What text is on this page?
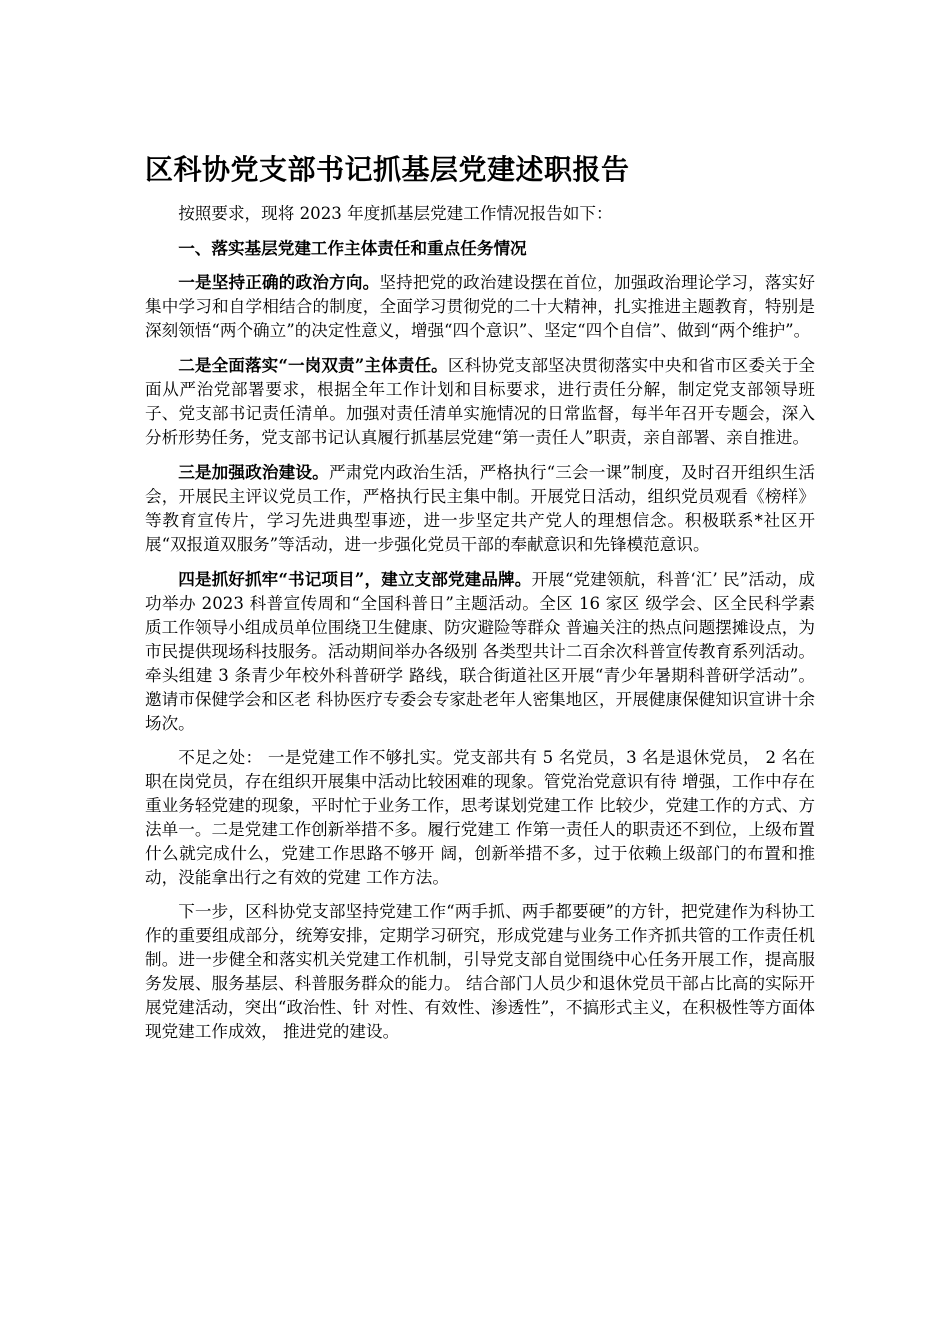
区科协党支部书记抓基层党建述职报告

按照要求，现将 2023 年度抓基层党建工作情况报告如下：

一、落实基层党建工作主体责任和重点任务情况

一是坚持正确的政治方向。坚持把党的政治建设摆在首位，加强政治理论学习，落实好集中学习和自学相结合的制度，全面学习贯彻党的二十大精神，扎实推进主题教育，特别是深刻领悟“两个确立”的决定性意义，增强“四个意识”、坚定“四个自信”、做到“两个维护”。

二是全面落实“一岗双责”主体责任。区科协党支部坚决贯彻落实中央和省市区委关于全面从严治党部署要求，根据全年工作计划和目标要求，进行责任分解，制定党支部领导班子、党支部书记责任清单。加强对责任清单实施情况的日常监督，每半年召开专题会，深入分析形势任务，党支部书记认真履行抓基层党建“第一责任人”职责，亲自部署、亲自推进。

三是加强政治建设。严肃党内政治生活，严格执行“三会一课”制度，及时召开组织生活会，开展民主评议党员工作，严格执行民主集中制。开展党日活动，组织党员观看《榜样》等教育宣传片，学习先进典型事迹，进一步坚定共产党人的理想信念。积极联系*社区开展“双报道双服务”等活动，进一步强化党员干部的奉献意识和先锋模范意识。

四是抓好抓牢“书记项目”，建立支部党建品牌。开展“党建领航，科普‘汇’ 民”活动，成功举办 2023 科普宣传周和“全国科普日”主题活动。全区 16 家区 级学会、区全民科学素质工作领导小组成员单位围绕卫生健康、防灾避险等群众 普遍关注的热点问题摆摊设点，为市民提供现场科技服务。活动期间举办各级别 各类型共计二百余次科普宣传教育系列活动。牵头组建 3 条青少年校外科普研学 路线，联合街道社区开展“青少年暑期科普研学活动”。邀请市保健学会和区老 科协医疗专委会专家赴老年人密集地区，开展健康保健知识宣讲十余场次。

不足之处： 一是党建工作不够扎实。党支部共有 5 名党员，3 名是退休党员， 2 名在职在岗党员，存在组织开展集中活动比较困难的现象。管党治党意识有待 增强，工作中存在重业务轻党建的现象，平时忙于业务工作，思考谋划党建工作 比较少，党建工作的方式、方法单一。二是党建工作创新举措不多。履行党建工 作第一责任人的职责还不到位，上级布置什么就完成什么，党建工作思路不够开 阔，创新举措不多，过于依赖上级部门的布置和推动，没能拿出行之有效的党建 工作方法。

下一步，区科协党支部坚持党建工作“两手抓、两手都要硬”的方针，把党建作为科协工作的重要组成部分，统筹安排，定期学习研究，形成党建与业务工作齐抓共管的工作责任机制。进一步健全和落实机关党建工作机制，引导党支部自觉围绕中心任务开展工作，提高服务发展、服务基层、科普服务群众的能力。 结合部门人员少和退休党员干部占比高的实际开展党建活动，突出“政治性、针 对性、有效性、渗透性”，不搞形式主义，在积极性等方面体现党建工作成效， 推进党的建设。
